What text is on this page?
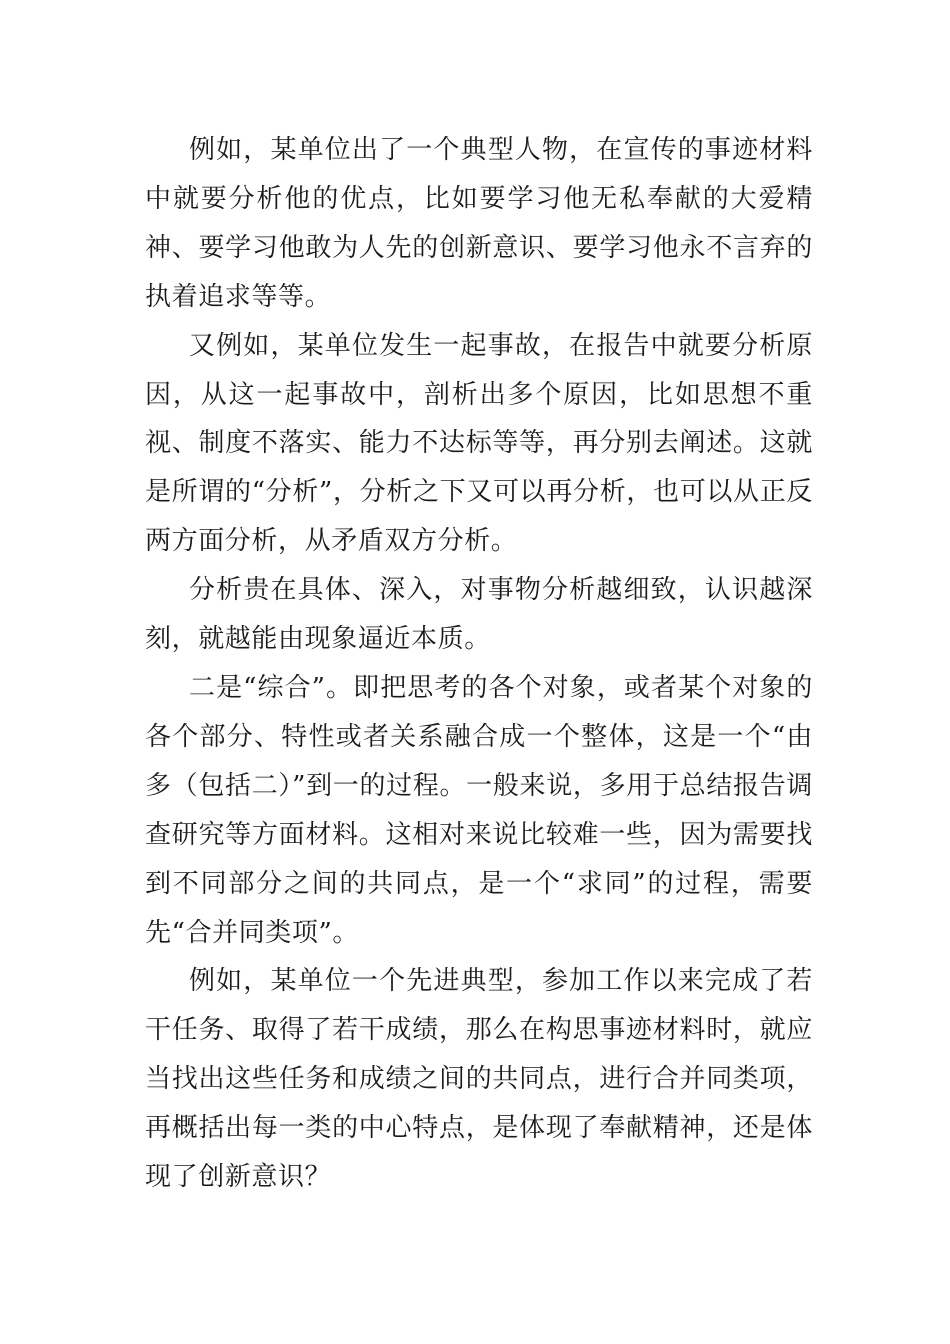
例如，某单位出了一个典型人物，在宣传的事迹材料中就要分析他的优点，比如要学习他无私奉献的大爱精神、要学习他敢为人先的创新意识、要学习他永不言弃的执着追求等等。

又例如，某单位发生一起事故，在报告中就要分析原因，从这一起事故中，剖析出多个原因，比如思想不重视、制度不落实、能力不达标等等，再分别去阐述。这就是所谓的“分析”，分析之下又可以再分析，也可以从正反两方面分析，从矛盾双方分析。

分析贵在具体、深入，对事物分析越细致，认识越深刻，就越能由现象逼近本质。

二是“综合”。即把思考的各个对象，或者某个对象的各个部分、特性或者关系融合成一个整体，这是一个“由多（包括二）”到一的过程。一般来说，多用于总结报告调查研究等方面材料。这相对来说比较难一些，因为需要找到不同部分之间的共同点，是一个“求同”的过程，需要先“合并同类项”。

例如，某单位一个先进典型，参加工作以来完成了若干任务、取得了若干成绩，那么在构思事迹材料时，就应当找出这些任务和成绩之间的共同点，进行合并同类项，再概括出每一类的中心特点，是体现了奉献精神，还是体现了创新意识？
